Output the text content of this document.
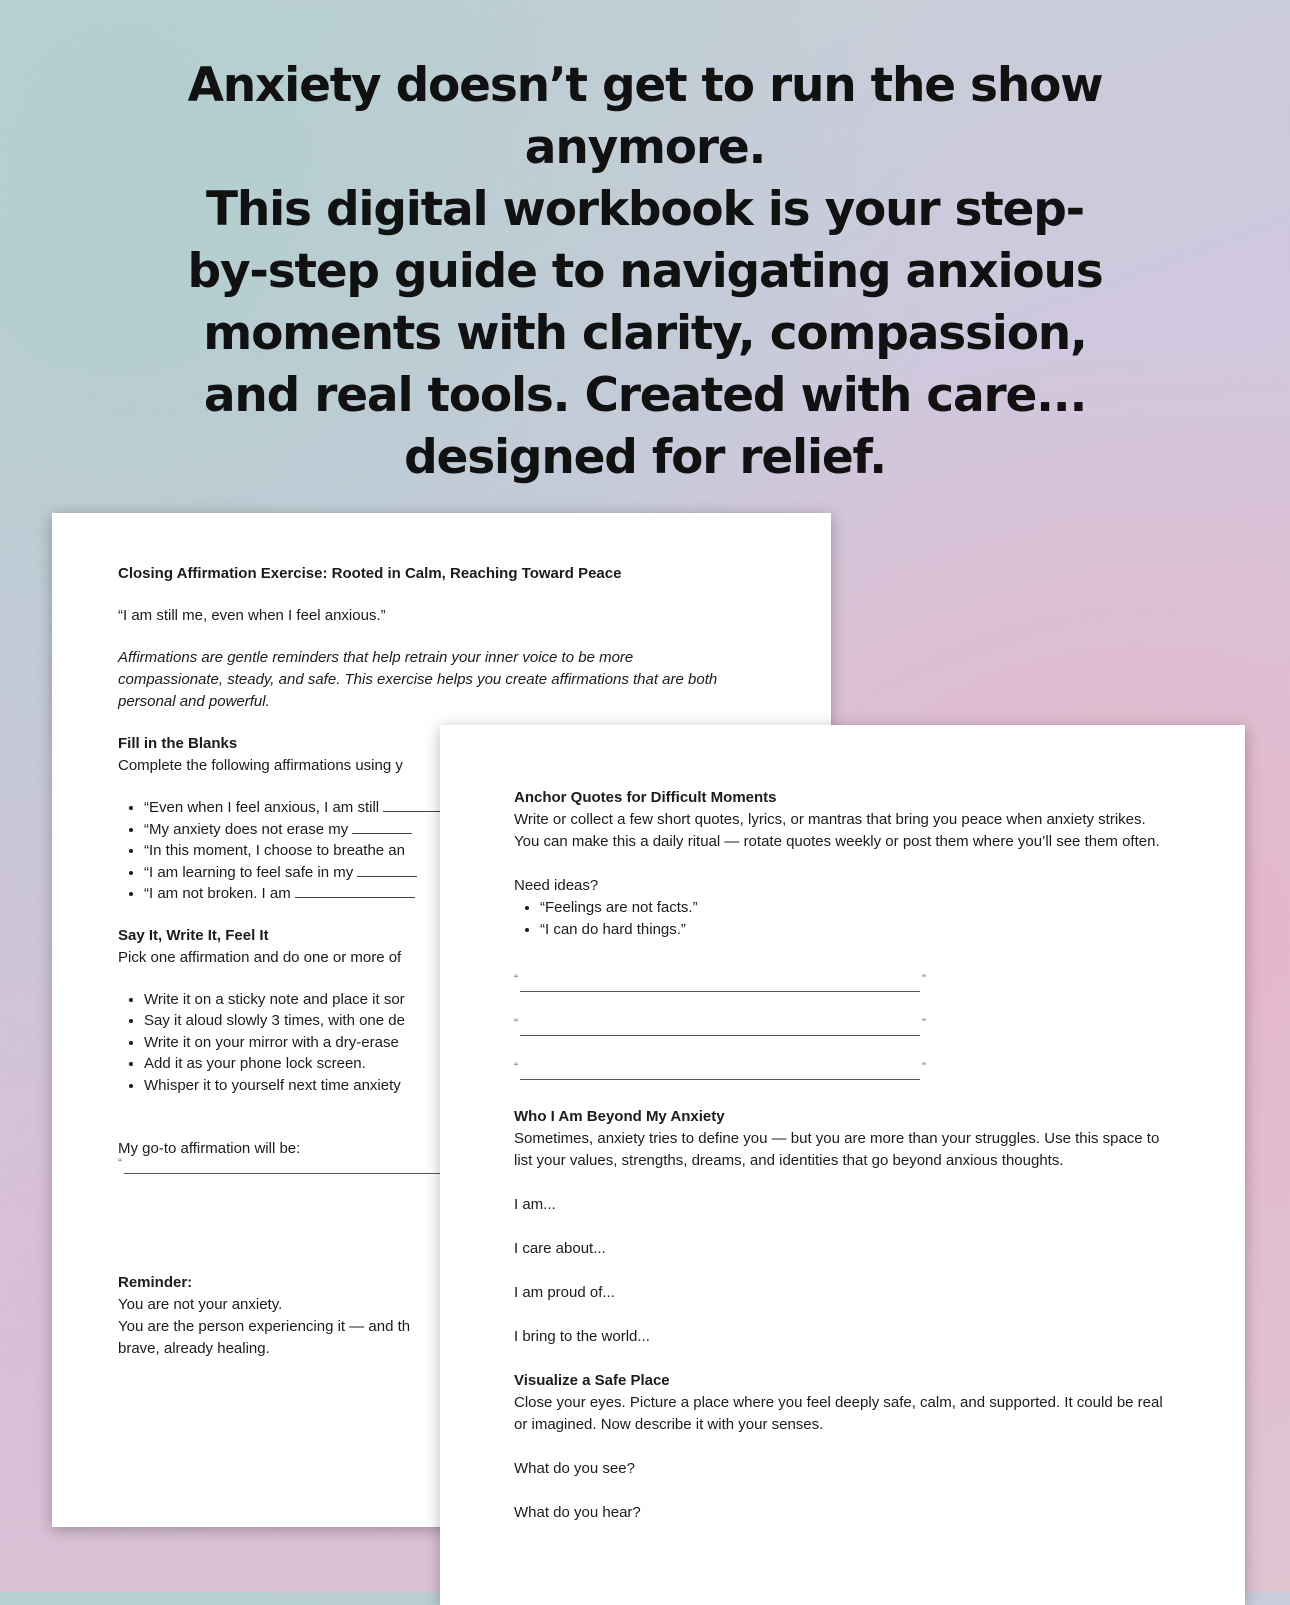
Anxiety doesn’t get to run the show
anymore.
This digital workbook is your step-
by-step guide to navigating anxious
moments with clarity, compassion,
and real tools. Created with care...
designed for relief.

Closing Affirmation Exercise: Rooted in Calm, Reaching Toward Peace

“I am still me, even when I feel anxious.”

Affirmations are gentle reminders that help retrain your inner voice to be more compassionate, steady, and safe. This exercise helps you create affirmations that are both personal and powerful.

Fill in the Blanks

Complete the following affirmations using y

• “Even when I feel anxious, I am still
• “My anxiety does not erase my
• “In this moment, I choose to breathe an
• “I am learning to feel safe in my
• “I am not broken. I am

Say It, Write It, Feel It

Pick one affirmation and do one or more of

• Write it on a sticky note and place it sor
• Say it aloud slowly 3 times, with one de
• Write it on your mirror with a dry-erase
• Add it as your phone lock screen.
• Whisper it to yourself next time anxiety

My go-to affirmation will be:

“

Reminder:

You are not your anxiety.

You are the person experiencing it — and th

brave, already healing.

Anchor Quotes for Difficult Moments

Write or collect a few short quotes, lyrics, or mantras that bring you peace when anxiety strikes. You can make this a daily ritual — rotate quotes weekly or post them where you’ll see them often.

Need ideas?

• “Feelings are not facts.”
• “I can do hard things.”
“	”
“	”
“	”

Who I Am Beyond My Anxiety

Sometimes, anxiety tries to define you — but you are more than your struggles. Use this space to list your values, strengths, dreams, and identities that go beyond anxious thoughts.

I am...

I care about...

I am proud of...

I bring to the world...

Visualize a Safe Place

Close your eyes. Picture a place where you feel deeply safe, calm, and supported. It could be real or imagined. Now describe it with your senses.

What do you see?

What do you hear?
